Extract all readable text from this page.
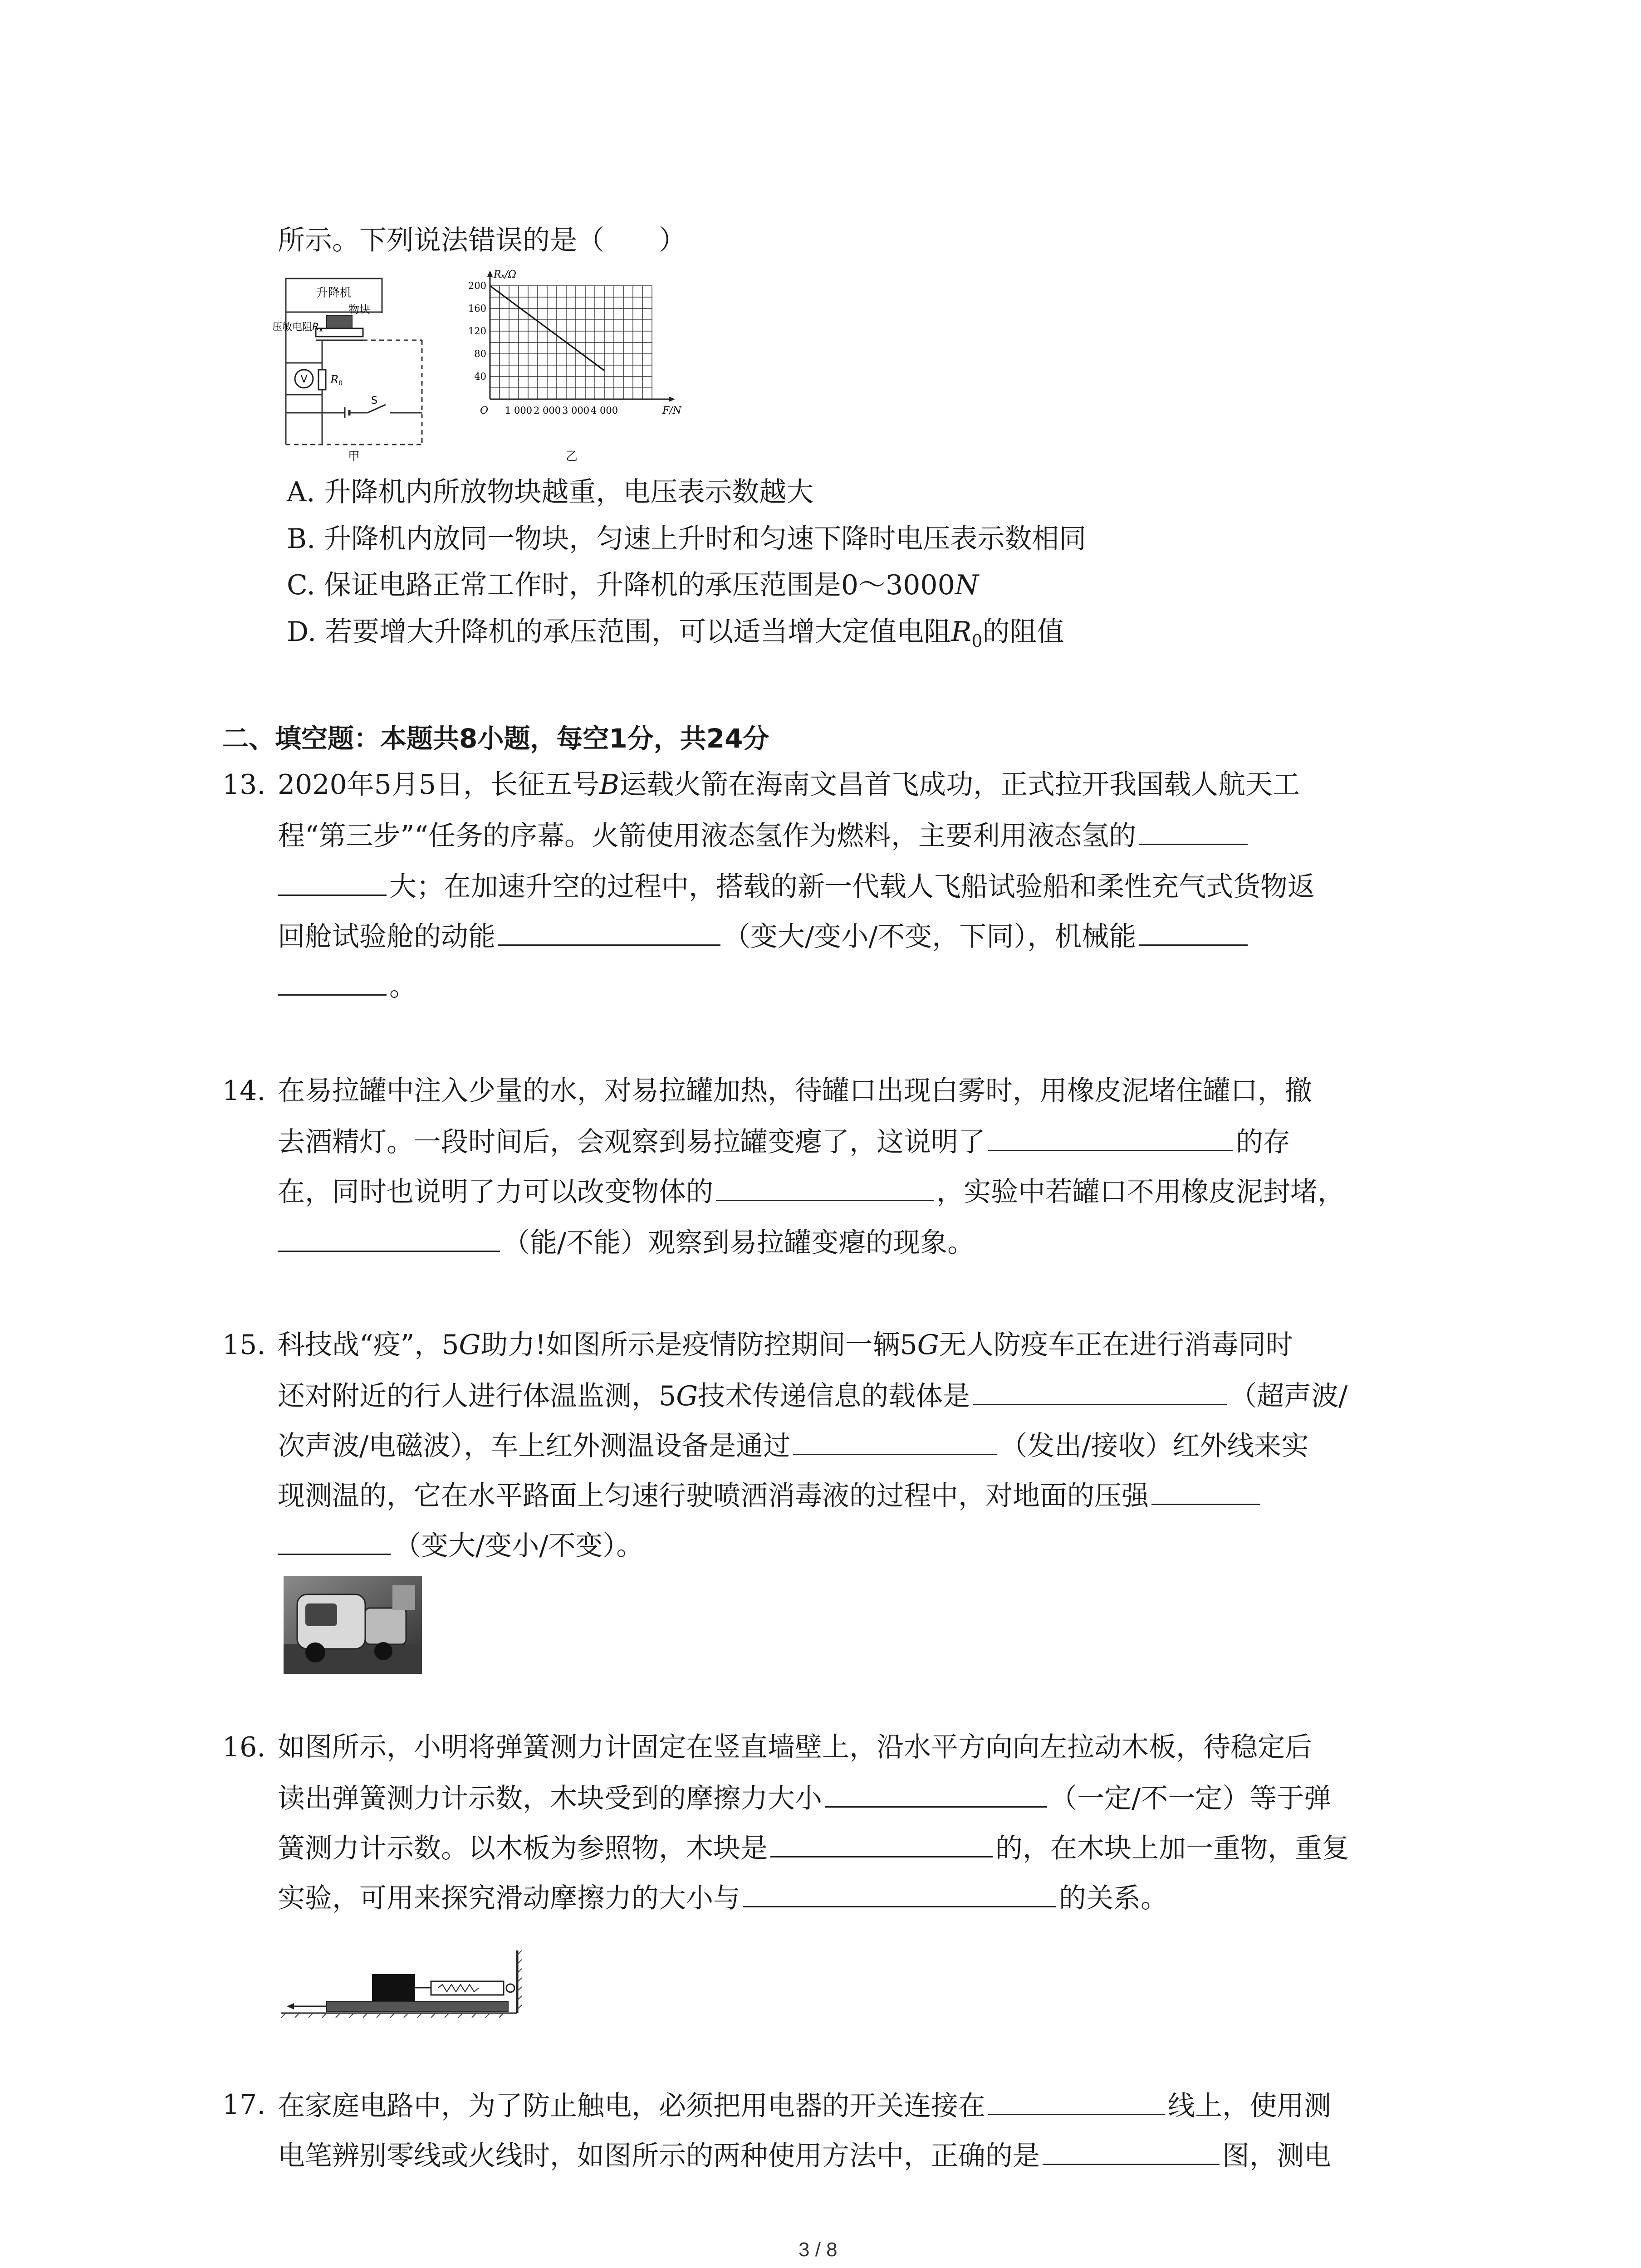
所示。下列说法错误的是（　　）
升降机
物块
压敏电阻Rx
V R0
S
甲
Rₓ/Ω
200
160
120
80
40
O 1 000 2 000 3 000 4 000	F/N
乙
A. 升降机内所放物块越重，电压表示数越大
B. 升降机内放同一物块，匀速上升时和匀速下降时电压表示数相同
C. 保证电路正常工作时，升降机的承压范围是0～3000N
D. 若要增大升降机的承压范围，可以适当增大定值电阻$R_0$的阻值
二、填空题：本题共8小题，每空1分，共24分
13. 2020年5月5日，长征五号B运载火箭在海南文昌首飞成功，正式拉开我国载人航天工
程“第三步”“任务的序幕。火箭使用液态氢作为燃料，主要利用液态氢的
大；在加速升空的过程中，搭载的新一代载人飞船试验船和柔性充气式货物返
回舱试验舱的动能	（变大/变小/不变，下同），机械能
。
14. 在易拉罐中注入少量的水，对易拉罐加热，待罐口出现白雾时，用橡皮泥堵住罐口，撤
去酒精灯。一段时间后，会观察到易拉罐变瘪了，这说明了	的存
在，同时也说明了力可以改变物体的	，实验中若罐口不用橡皮泥封堵，
（能/不能）观察到易拉罐变瘪的现象。
15. 科技战“疫”，5G助力!如图所示是疫情防控期间一辆5G无人防疫车正在进行消毒同时
还对附近的行人进行体温监测，5G技术传递信息的载体是	（超声波/
次声波/电磁波），车上红外测温设备是通过	（发出/接收）红外线来实
现测温的，它在水平路面上匀速行驶喷洒消毒液的过程中，对地面的压强
（变大/变小/不变）。
16. 如图所示，小明将弹簧测力计固定在竖直墙壁上，沿水平方向向左拉动木板，待稳定后
读出弹簧测力计示数，木块受到的摩擦力大小	（一定/不一定）等于弹
簧测力计示数。以木板为参照物，木块是	的，在木块上加一重物，重复
实验，可用来探究滑动摩擦力的大小与	的关系。
17. 在家庭电路中，为了防止触电，必须把用电器的开关连接在	线上，使用测
电笔辨别零线或火线时，如图所示的两种使用方法中，正确的是	图，测电
3 / 8
